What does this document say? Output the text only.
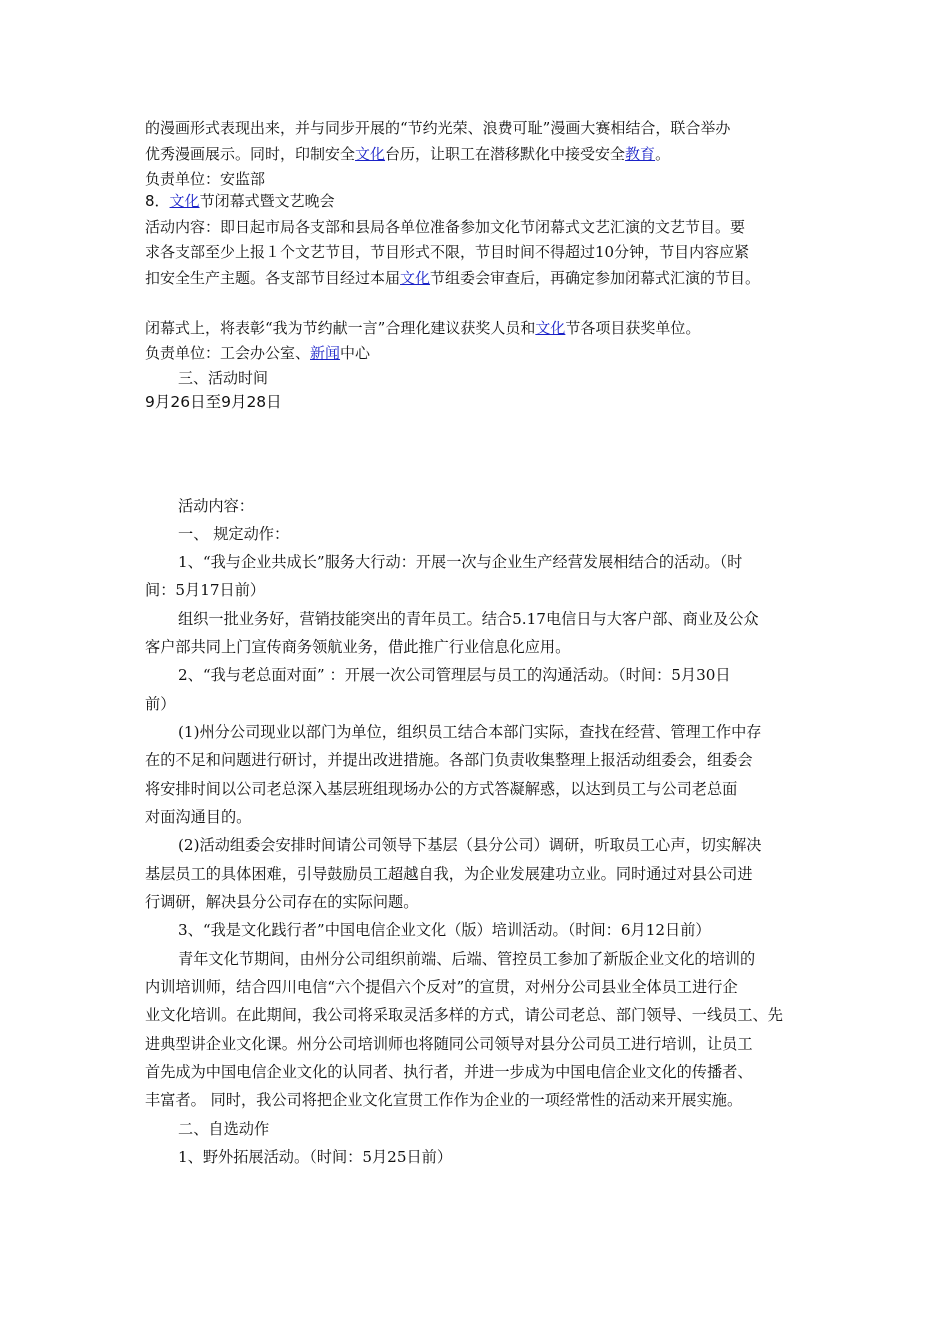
的漫画形式表现出来，并与同步开展的“节约光荣、浪费可耻”漫画大赛相结合，联合举办
优秀漫画展示。同时，印制安全文化台历，让职工在潜移默化中接受安全教育。
负责单位：安监部
8．文化节闭幕式暨文艺晚会
活动内容：即日起市局各支部和县局各单位准备参加文化节闭幕式文艺汇演的文艺节目。要
求各支部至少上报１个文艺节目，节目形式不限，节目时间不得超过10分钟，节目内容应紧
扣安全生产主题。各支部节目经过本届文化节组委会审查后，再确定参加闭幕式汇演的节目。
闭幕式上，将表彰“我为节约献一言”合理化建议获奖人员和文化节各项目获奖单位。
负责单位：工会办公室、新闻中心
三、活动时间
9月26日至9月28日
活动内容：
一、 规定动作：
1、“我与企业共成长”服务大行动：开展一次与企业生产经营发展相结合的活动。（时
间：5月17日前）
组织一批业务好，营销技能突出的青年员工。结合5.17电信日与大客户部、商业及公众
客户部共同上门宣传商务领航业务，借此推广行业信息化应用。
2、“我与老总面对面” ：开展一次公司管理层与员工的沟通活动。（时间：5月30日
前）
(1)州分公司现业以部门为单位，组织员工结合本部门实际，查找在经营、管理工作中存
在的不足和问题进行研讨，并提出改进措施。各部门负责收集整理上报活动组委会，组委会
将安排时间以公司老总深入基层班组现场办公的方式答凝解惑，以达到员工与公司老总面
对面沟通目的。
(2)活动组委会安排时间请公司领导下基层（县分公司）调研，听取员工心声，切实解决
基层员工的具体困难，引导鼓励员工超越自我，为企业发展建功立业。同时通过对县公司进
行调研，解决县分公司存在的实际问题。
3、“我是文化践行者”中国电信企业文化（版）培训活动。（时间：6月12日前）
青年文化节期间，由州分公司组织前端、后端、管控员工参加了新版企业文化的培训的
内训培训师，结合四川电信“六个提倡六个反对”的宣贯，对州分公司县业全体员工进行企
业文化培训。在此期间，我公司将采取灵活多样的方式，请公司老总、部门领导、一线员工、先
进典型讲企业文化课。州分公司培训师也将随同公司领导对县分公司员工进行培训，让员工
首先成为中国电信企业文化的认同者、执行者，并进一步成为中国电信企业文化的传播者、
丰富者。 同时，我公司将把企业文化宣贯工作作为企业的一项经常性的活动来开展实施。
二、自选动作
1、野外拓展活动。（时间：5月25日前）
